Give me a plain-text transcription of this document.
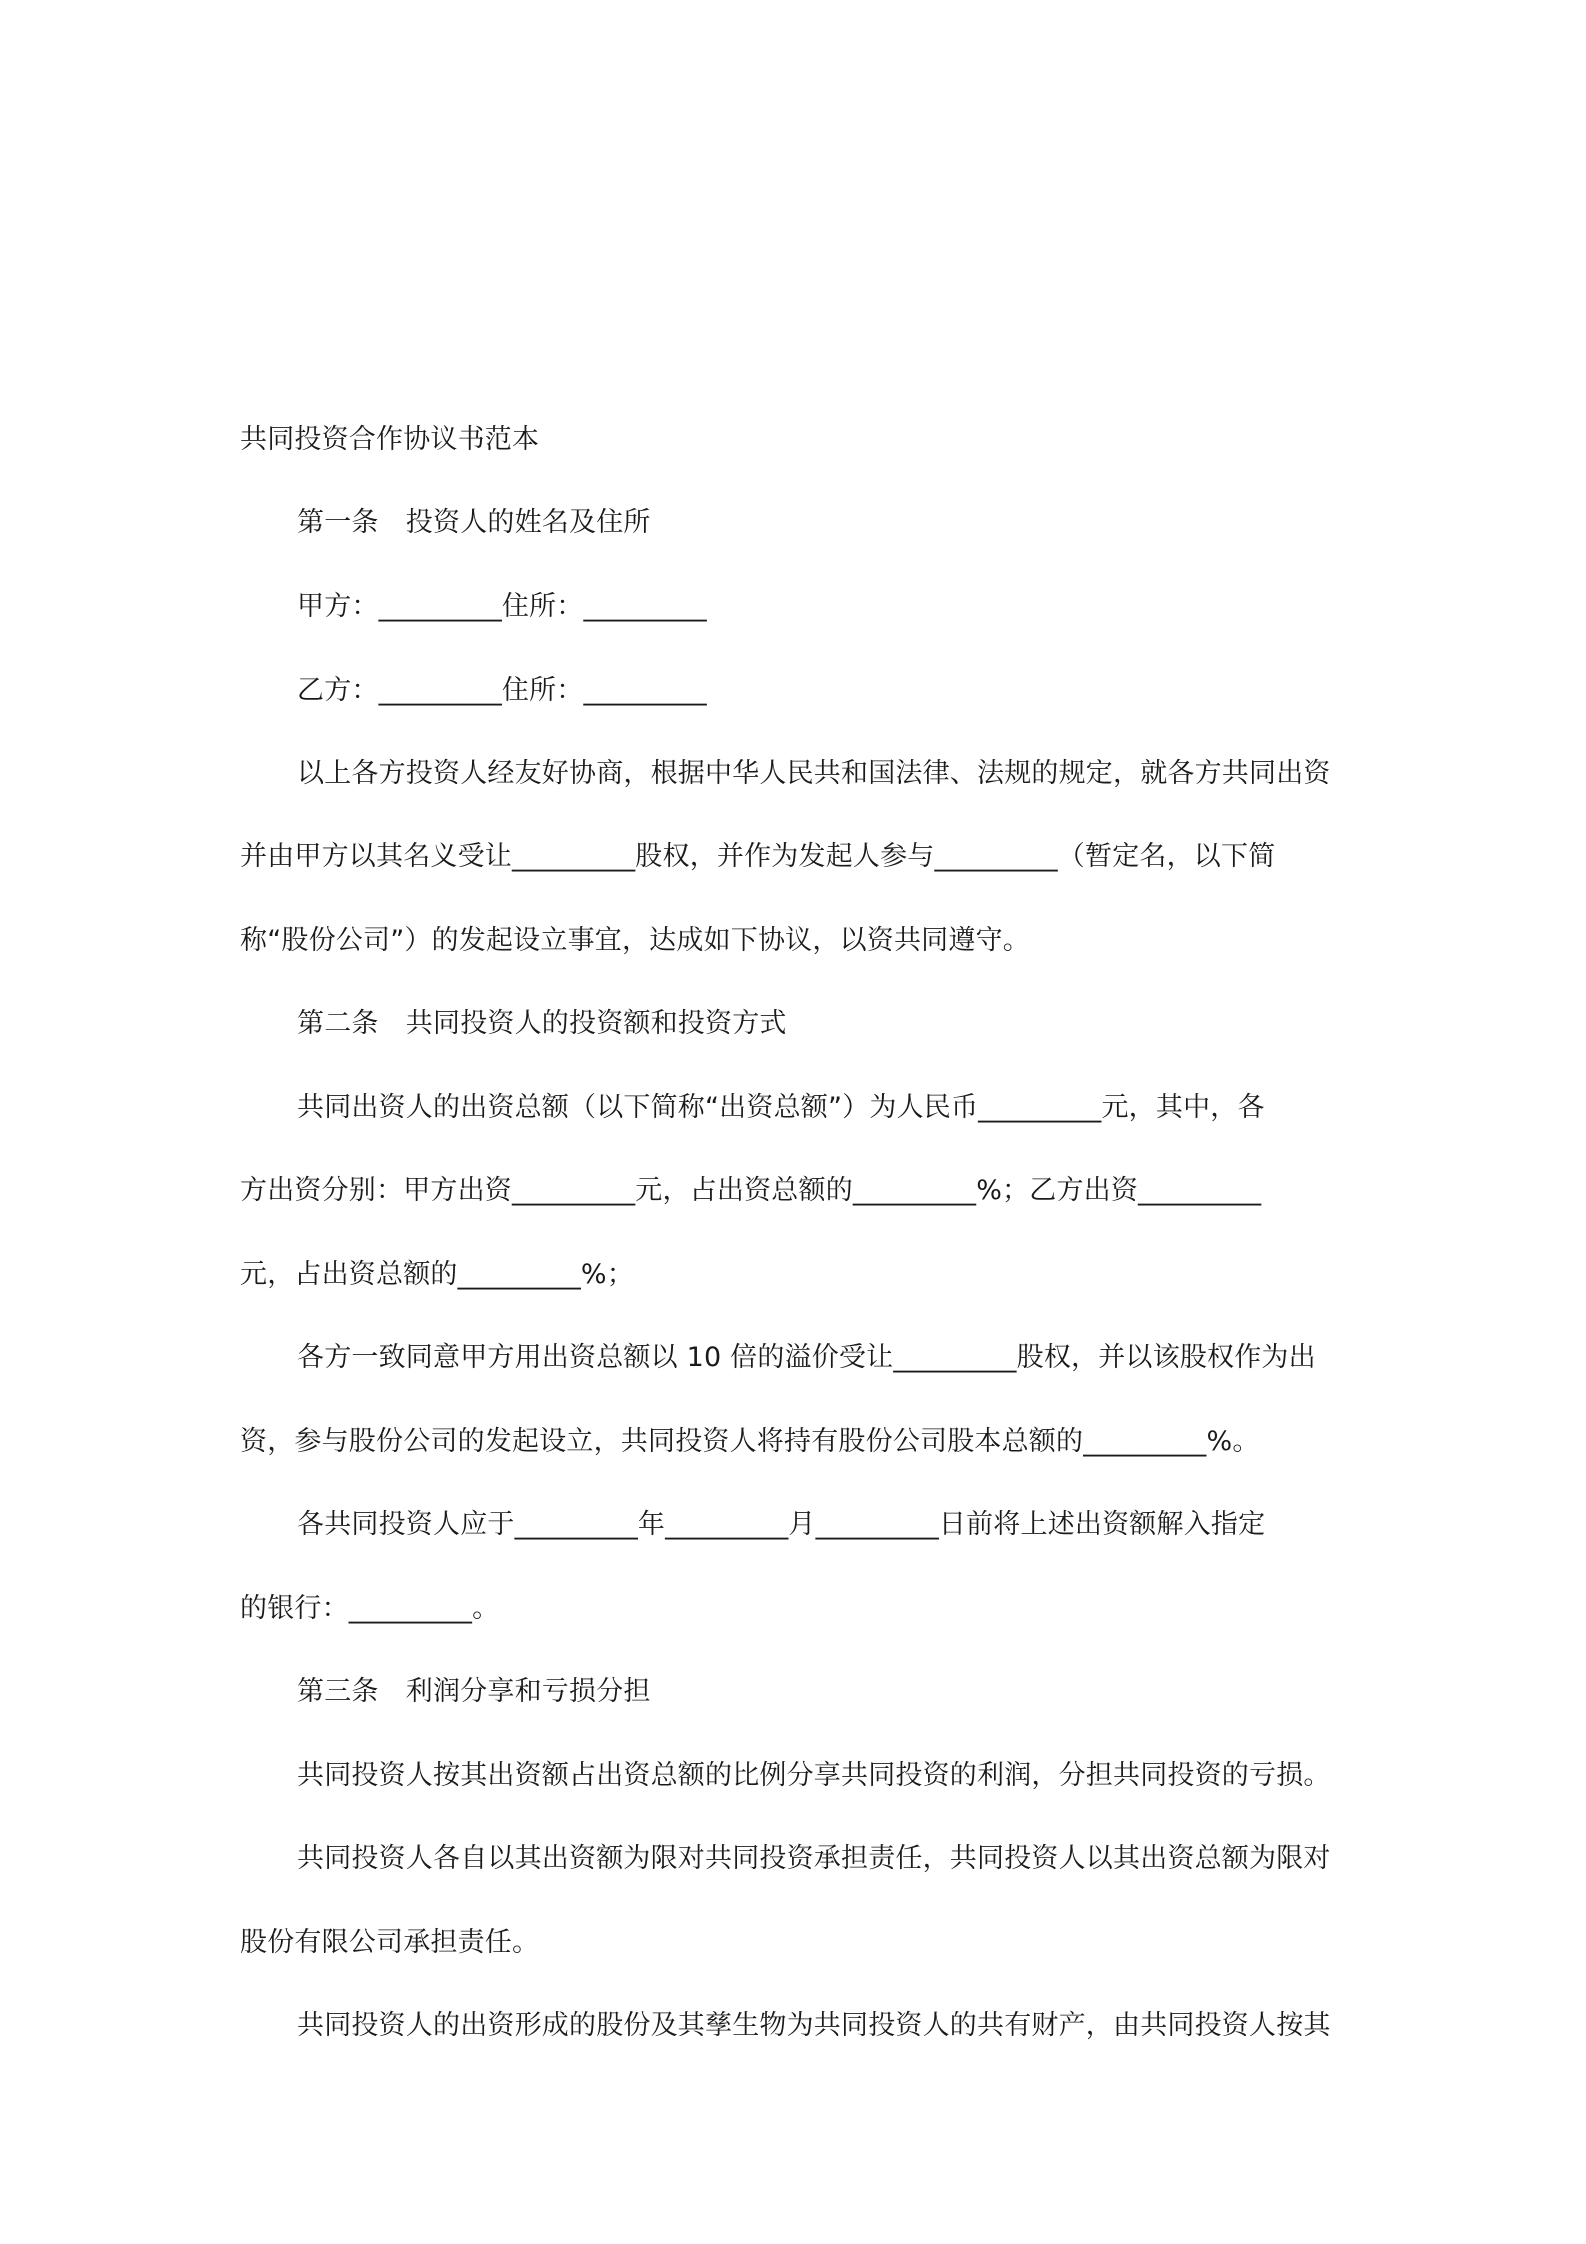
共同投资合作协议书范本
第一条　投资人的姓名及住所
甲方：_________住所：_________
乙方：_________住所：_________
以上各方投资人经友好协商，根据中华人民共和国法律、法规的规定，就各方共同出资
并由甲方以其名义受让_________股权，并作为发起人参与_________（暂定名，以下简
称“股份公司”）的发起设立事宜，达成如下协议，以资共同遵守。
第二条　共同投资人的投资额和投资方式
共同出资人的出资总额（以下简称“出资总额”）为人民币_________元，其中，各
方出资分别：甲方出资_________元，占出资总额的_________%；乙方出资_________
元，占出资总额的_________%；
各方一致同意甲方用出资总额以 10 倍的溢价受让_________股权，并以该股权作为出
资，参与股份公司的发起设立，共同投资人将持有股份公司股本总额的_________%。
各共同投资人应于_________年_________月_________日前将上述出资额解入指定
的银行：_________。
第三条　利润分享和亏损分担
共同投资人按其出资额占出资总额的比例分享共同投资的利润，分担共同投资的亏损。
共同投资人各自以其出资额为限对共同投资承担责任，共同投资人以其出资总额为限对
股份有限公司承担责任。
共同投资人的出资形成的股份及其孳生物为共同投资人的共有财产，由共同投资人按其
